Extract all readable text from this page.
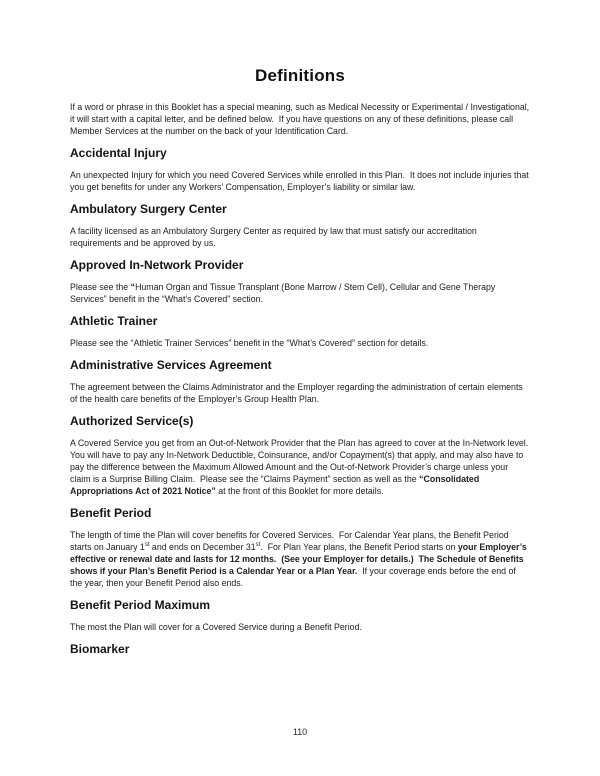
Definitions

If a word or phrase in this Booklet has a special meaning, such as Medical Necessity or Experimental / Investigational, it will start with a capital letter, and be defined below.  If you have questions on any of these definitions, please call Member Services at the number on the back of your Identification Card.

Accidental Injury

An unexpected Injury for which you need Covered Services while enrolled in this Plan.  It does not include injuries that you get benefits for under any Workers’ Compensation, Employer’s liability or similar law.

Ambulatory Surgery Center

A facility licensed as an Ambulatory Surgery Center as required by law that must satisfy our accreditation requirements and be approved by us.

Approved In-Network Provider

Please see the “Human Organ and Tissue Transplant (Bone Marrow / Stem Cell), Cellular and Gene Therapy Services” benefit in the “What’s Covered” section.

Athletic Trainer

Please see the “Athletic Trainer Services” benefit in the “What’s Covered” section for details.

Administrative Services Agreement

The agreement between the Claims Administrator and the Employer regarding the administration of certain elements of the health care benefits of the Employer’s Group Health Plan.

Authorized Service(s)

A Covered Service you get from an Out-of-Network Provider that the Plan has agreed to cover at the In-Network level.  You will have to pay any In-Network Deductible, Coinsurance, and/or Copayment(s) that apply, and may also have to pay the difference between the Maximum Allowed Amount and the Out-of-Network Provider’s charge unless your claim is a Surprise Billing Claim.  Please see the “Claims Payment” section as well as the “Consolidated Appropriations Act of 2021 Notice” at the front of this Booklet for more details.

Benefit Period

The length of time the Plan will cover benefits for Covered Services.  For Calendar Year plans, the Benefit Period starts on January 1st and ends on December 31st.  For Plan Year plans, the Benefit Period starts on your Employer’s effective or renewal date and lasts for 12 months.  (See your Employer for details.)  The Schedule of Benefits shows if your Plan’s Benefit Period is a Calendar Year or a Plan Year.  If your coverage ends before the end of the year, then your Benefit Period also ends.

Benefit Period Maximum

The most the Plan will cover for a Covered Service during a Benefit Period.

Biomarker
110
